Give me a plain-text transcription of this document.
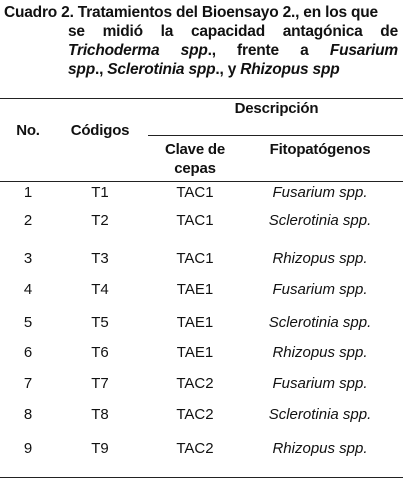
Cuadro 2. Tratamientos del Bioensayo 2., en los que
se midió la capacidad antagónica de
Trichoderma spp., frente a Fusarium
spp., Sclerotinia spp., y Rhizopus spp
No.	Códigos
Descripción
Clave de
cepas
Fitopatógenos
1	T1	TAC1	Fusarium spp.
2	T2	TAC1	Sclerotinia spp.
3	T3	TAC1	Rhizopus spp.
4	T4	TAE1	Fusarium spp.
5	T5	TAE1	Sclerotinia spp.
6	T6	TAE1	Rhizopus spp.
7	T7	TAC2	Fusarium spp.
8	T8	TAC2	Sclerotinia spp.
9	T9	TAC2	Rhizopus spp.
